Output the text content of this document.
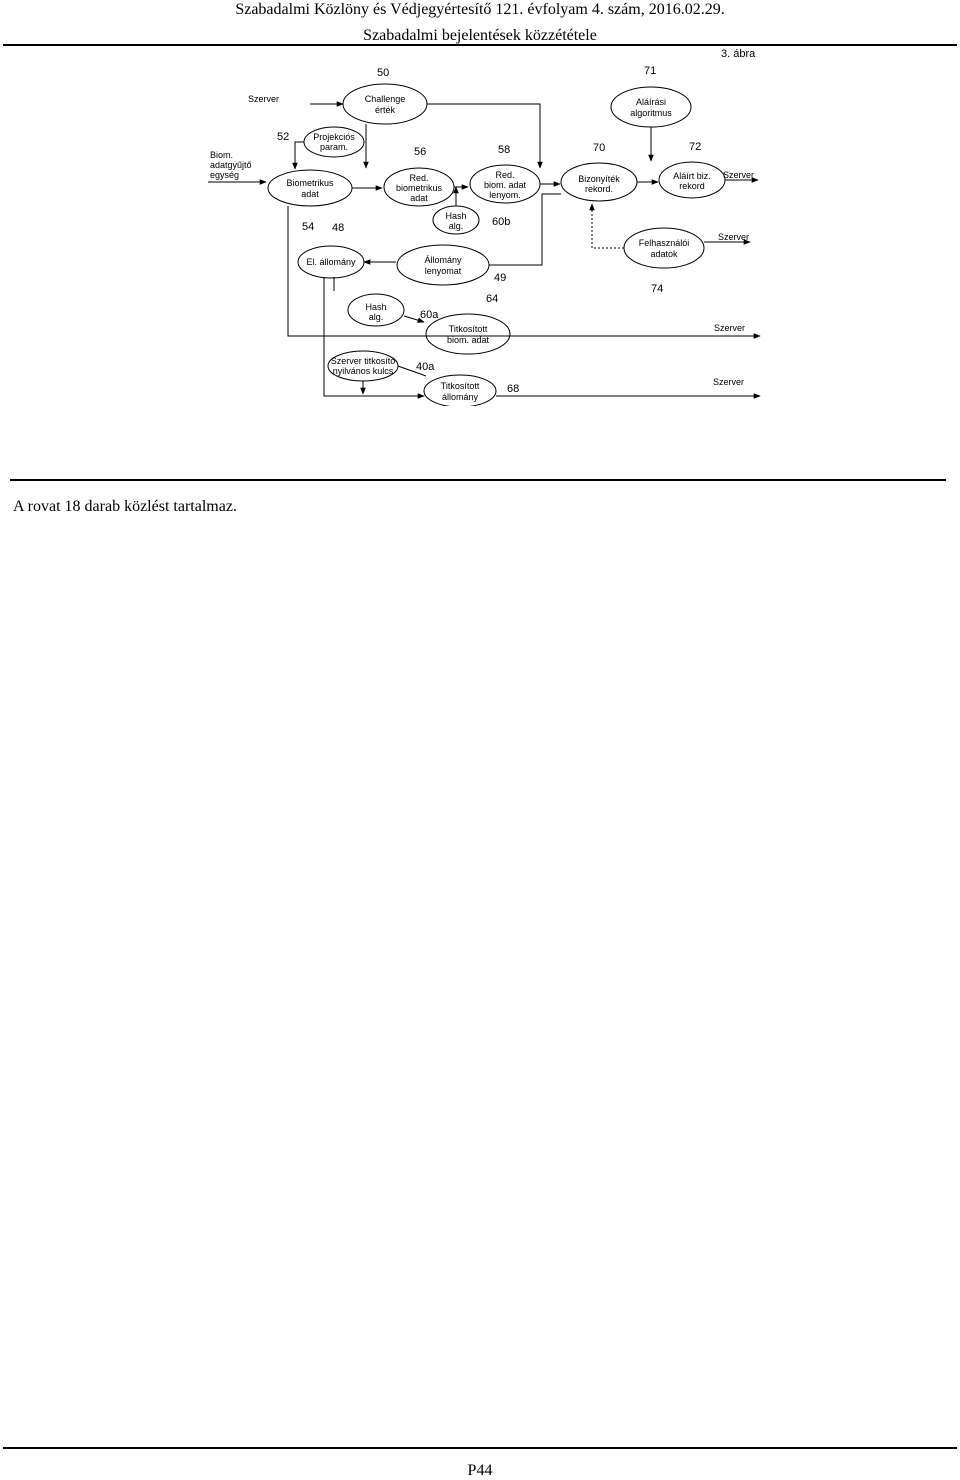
Szabadalmi Közlöny és Védjegyértesítő 121. évfolyam 4. szám, 2016.02.29.
Szabadalmi bejelentések közzététele
50
Challenge
érték
71
Aláírási
algoritmus
3. ábra
52	Projekciós
param.
Biom.
adatgyűjtő
egység
Biometrikus
adat
54
56
Red.
biometrikus
adat
58
Red.
biom. adat
lenyom.
70
Bizonyíték
rekord.
72
Aláírt biz.
rekord
60b
Hash
alg.
48
El. állomány
49
Állomány
lenyomat
74
Felhasználói
adatok
60a
Hash
alg.
64
Titkosított
biom. adat
40a
Szerver titkosító
nyilvános kulcs
68
Titkosított
állomány
Szerver
Szerver
Szerver
Szerver
Szerver
A rovat 18 darab közlést tartalmaz.
P44
